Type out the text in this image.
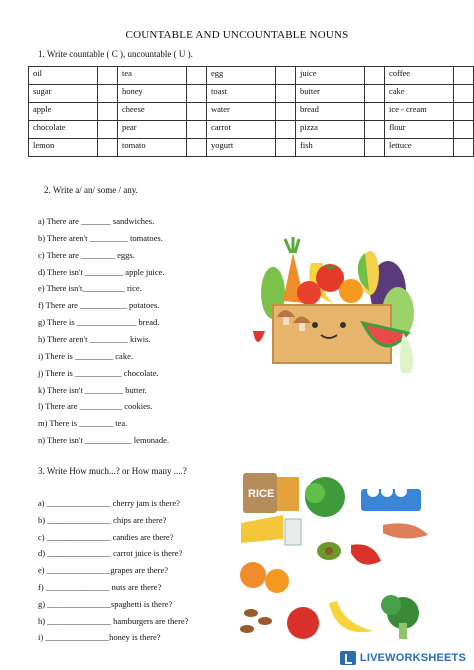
COUNTABLE AND UNCOUNTABLE NOUNS
1. Write countable ( C ), uncountable ( U ).
oil		tea		egg		juice		coffee	
sugar		honey		toast		butter		cake	
apple		cheese		water		bread		ice - cream	
chocolate		pear		carrot		pizza		flour	
lemon		tomato		yogurt		fish		lettuce	
2. Write a/ an/ some / any.
a) There are _______ sandwiches.
b) There aren't _________ tomatoes.
c) There are ________ eggs.
d) There isn't _________ apple juice.
e) There isn't__________ rice.
f) There are ___________ potatoes.
g) There is ______________ bread.
h) There aren't _________ kiwis.
i) There is _________ cake.
j) There is ___________ chocolate.
k) There isn't _________ butter.
l) There are __________ cookies.
m) There is ________ tea.
n) There isn't ___________ lemonade.
3. Write How much...? or How many ....?
a) _______________ cherry jam is there?
b) _______________ chips are there?
c) _______________ candies are there?
d) _______________ carrot juice is there?
e) _______________grapes are there?
f) _______________ nuts are there?
g) _______________spaghetti is there?
h) _______________ hamburgers are there?
i) _______________honey is there?
RICE
LIVEWORKSHEETS
